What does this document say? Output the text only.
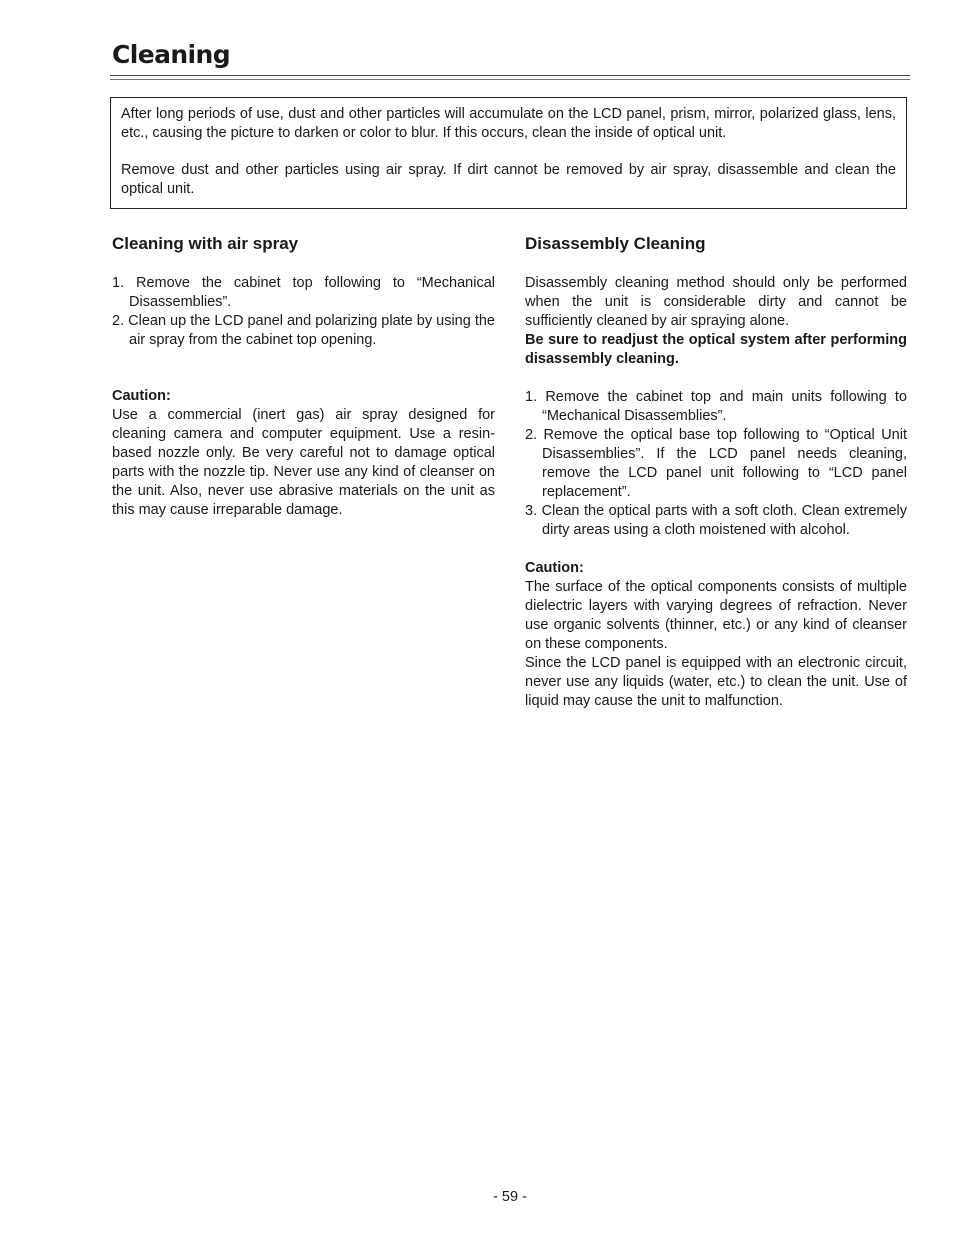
Cleaning

After long periods of use, dust and other particles will accumulate on the LCD panel, prism, mirror, polarized glass, lens, etc., causing the picture to darken or color to blur. If this occurs, clean the inside of optical unit.

Remove dust and other particles using air spray. If dirt cannot be removed by air spray, disassemble and clean the optical unit.

Cleaning with air spray
1. Remove the cabinet top following to “Mechanical Disassemblies”.
2. Clean up the LCD panel and polarizing plate by using the air spray from the cabinet top opening.

Caution:

Use a commercial (inert gas) air spray designed for cleaning camera and computer equipment. Use a resin-based nozzle only. Be very careful not to damage optical parts with the nozzle tip. Never use any kind of cleanser on the unit. Also, never use abrasive materials on the unit as this may cause irreparable damage.

Disassembly Cleaning

Disassembly cleaning method should only be performed when the unit is considerable dirty and cannot be sufficiently cleaned by air spraying alone.

Be sure to readjust the optical system after performing disassembly cleaning.

1. Remove the cabinet top and main units following to “Mechanical Disassemblies”.
2. Remove the optical base top following to “Optical Unit Disassemblies”. If the LCD panel needs cleaning, remove the LCD panel unit following to “LCD panel replacement”.
3. Clean the optical parts with a soft cloth. Clean extremely dirty areas using a cloth moistened with alcohol.

Caution:

The surface of the optical components consists of multiple dielectric layers with varying degrees of refraction. Never use organic solvents (thinner, etc.) or any kind of cleanser on these components.

Since the LCD panel is equipped with an electronic circuit, never use any liquids (water, etc.) to clean the unit. Use of liquid may cause the unit to malfunction.

- 59 -
